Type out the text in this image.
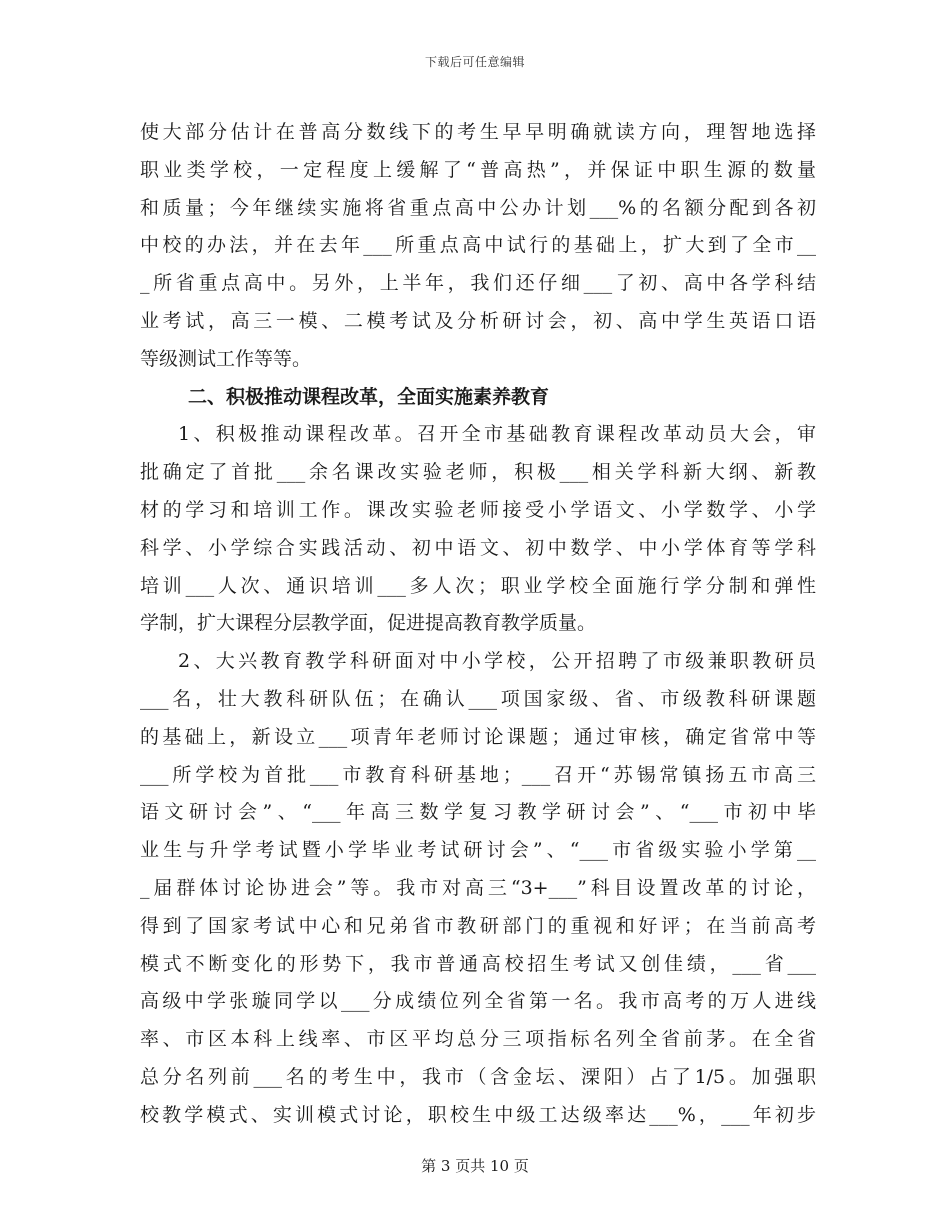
下载后可任意编辑
使大部分估计在普高分数线下的考生早早明确就读方向，理智地选择
职业类学校，一定程度上缓解了“普高热”，并保证中职生源的数量
和质量；今年继续实施将省重点高中公办计划___%的名额分配到各初
中校的办法，并在去年___所重点高中试行的基础上，扩大到了全市__
_所省重点高中。另外，上半年，我们还仔细___了初、高中各学科结
业考试，高三一模、二模考试及分析研讨会，初、高中学生英语口语
等级测试工作等等。
二、积极推动课程改革，全面实施素养教育
1、积极推动课程改革。召开全市基础教育课程改革动员大会，审
批确定了首批___余名课改实验老师，积极___相关学科新大纲、新教
材的学习和培训工作。课改实验老师接受小学语文、小学数学、小学
科学、小学综合实践活动、初中语文、初中数学、中小学体育等学科
培训___人次、通识培训___多人次；职业学校全面施行学分制和弹性
学制，扩大课程分层教学面，促进提高教育教学质量。
2、大兴教育教学科研面对中小学校，公开招聘了市级兼职教研员
___名，壮大教科研队伍；在确认___项国家级、省、市级教科研课题
的基础上，新设立___项青年老师讨论课题；通过审核，确定省常中等
___所学校为首批___市教育科研基地；___召开“苏锡常镇扬五市高三
语文研讨会”、“___年高三数学复习教学研讨会”、“___市初中毕
业生与升学考试暨小学毕业考试研讨会”、“___市省级实验小学第__
_届群体讨论协进会”等。我市对高三“3+___”科目设置改革的讨论，
得到了国家考试中心和兄弟省市教研部门的重视和好评；在当前高考
模式不断变化的形势下，我市普通高校招生考试又创佳绩，___省___
高级中学张璇同学以___分成绩位列全省第一名。我市高考的万人进线
率、市区本科上线率、市区平均总分三项指标名列全省前茅。在全省
总分名列前___名的考生中，我市（含金坛、溧阳）占了1/5。加强职
校教学模式、实训模式讨论，职校生中级工达级率达___%，___年初步
第 3 页共 10 页
